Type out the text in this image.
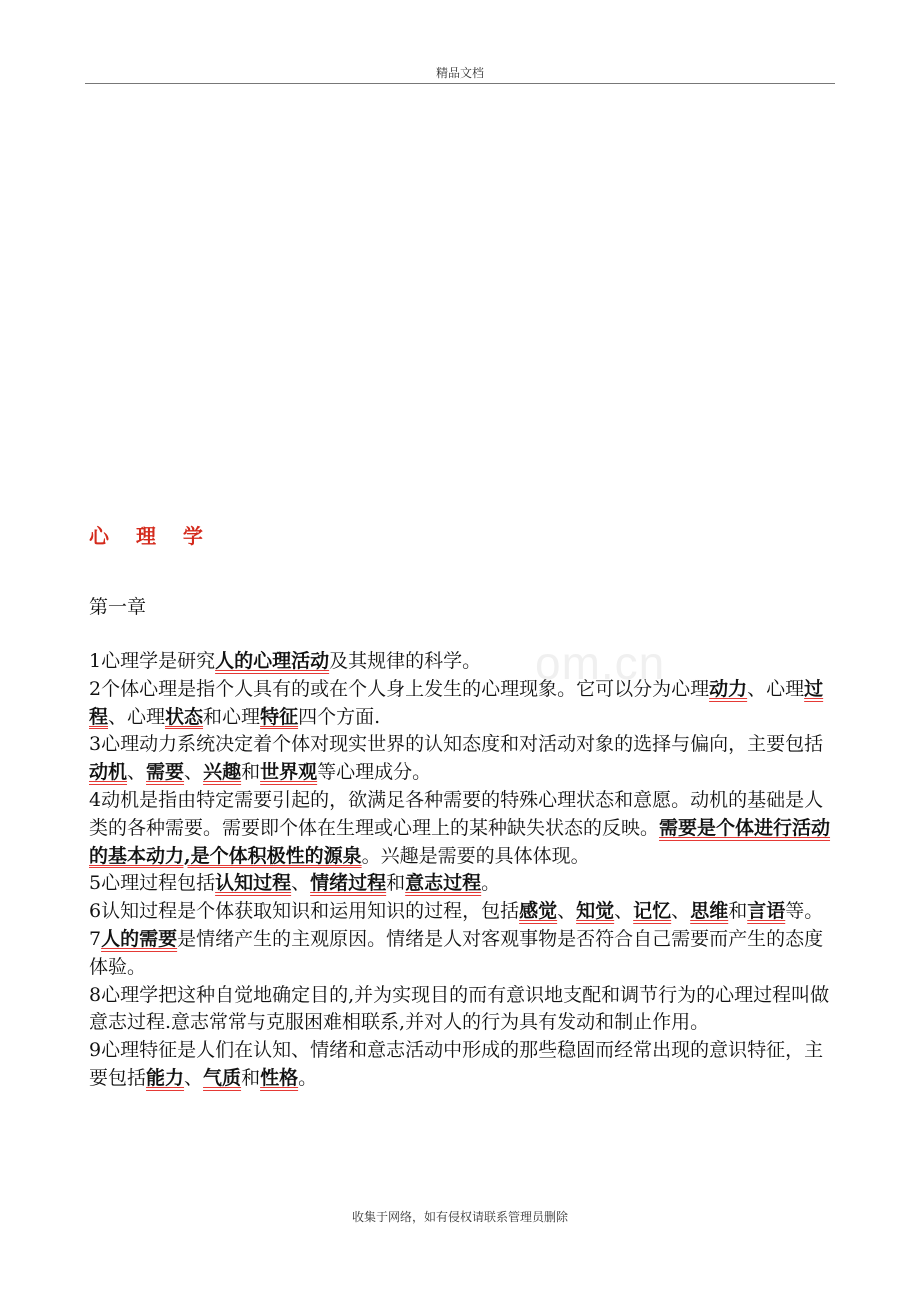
精品文档
om.cn
心 理 学
第一章

1心理学是研究人的心理活动及其规律的科学。

2个体心理是指个人具有的或在个人身上发生的心理现象。它可以分为心理动力、心理过程、心理状态和心理特征四个方面.

3心理动力系统决定着个体对现实世界的认知态度和对活动对象的选择与偏向，主要包括动机、需要、兴趣和世界观等心理成分。

4动机是指由特定需要引起的，欲满足各种需要的特殊心理状态和意愿。动机的基础是人类的各种需要。需要即个体在生理或心理上的某种缺失状态的反映。需要是个体进行活动的基本动力,是个体积极性的源泉。兴趣是需要的具体体现。

5心理过程包括认知过程、情绪过程和意志过程。

6认知过程是个体获取知识和运用知识的过程，包括感觉、知觉、记忆、思维和言语等。

7人的需要是情绪产生的主观原因。情绪是人对客观事物是否符合自己需要而产生的态度体验。

8心理学把这种自觉地确定目的,并为实现目的而有意识地支配和调节行为的心理过程叫做意志过程.意志常常与克服困难相联系,并对人的行为具有发动和制止作用。

9心理特征是人们在认知、情绪和意志活动中形成的那些稳固而经常出现的意识特征，主要包括能力、气质和性格。

收集于网络，如有侵权请联系管理员删除
